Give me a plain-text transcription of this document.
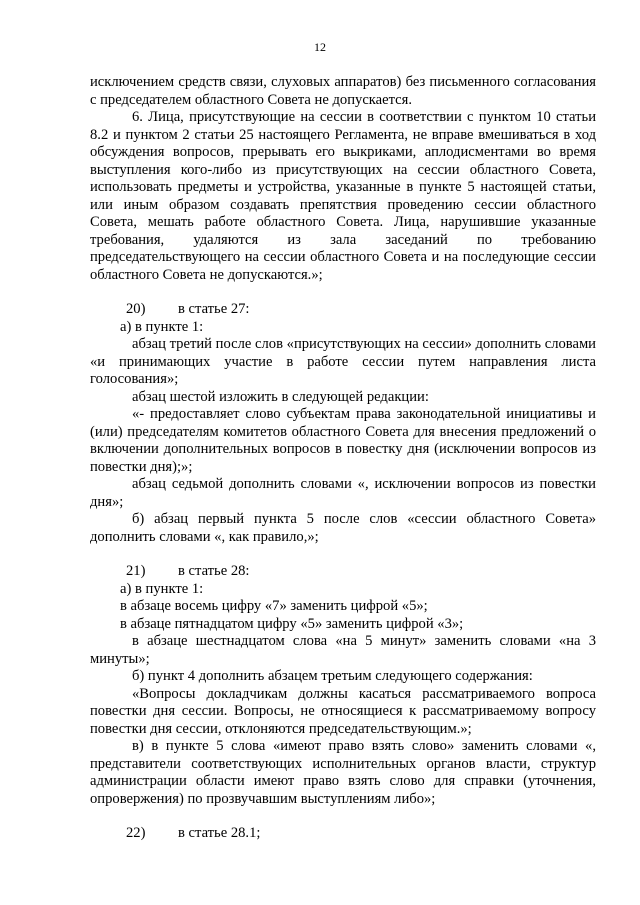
12

исключением средств связи, слуховых аппаратов) без письменного согласования с председателем областного Совета не допускается.

6. Лица, присутствующие на сессии в соответствии с пунктом 10 статьи 8.2 и пунктом 2 статьи 25 настоящего Регламента, не вправе вмешиваться в ход обсуждения вопросов, прерывать его выкриками, аплодисментами во время выступления кого-либо из присутствующих на сессии областного Совета, использовать предметы и устройства, указанные в пункте 5 настоящей статьи, или иным образом создавать препятствия проведению сессии областного Совета, мешать работе областного Совета. Лица, нарушившие указанные требования, удаляются из зала заседаний по требованию председательствующего на сессии областного Совета и на последующие сессии областного Совета не допускаются.»;

20) в статье 27:

а) в пункте 1:

абзац третий после слов «присутствующих на сессии» дополнить словами «и принимающих участие в работе сессии путем направления листа голосования»;

абзац шестой изложить в следующей редакции:

«- предоставляет слово субъектам права законодательной инициативы и (или) председателям комитетов областного Совета для внесения предложений о включении дополнительных вопросов в повестку дня (исключении вопросов из повестки дня);»;

абзац седьмой дополнить словами «, исключении вопросов из повестки дня»;

б) абзац первый пункта 5 после слов «сессии областного Совета» дополнить словами «, как правило,»;

21) в статье 28:

а) в пункте 1:

в абзаце восемь цифру «7» заменить цифрой «5»;

в абзаце пятнадцатом цифру «5» заменить цифрой «3»;

в абзаце шестнадцатом слова «на 5 минут» заменить словами «на 3 минуты»;

б) пункт 4 дополнить абзацем третьим следующего содержания:

«Вопросы докладчикам должны касаться рассматриваемого вопроса повестки дня сессии. Вопросы, не относящиеся к рассматриваемому вопросу повестки дня сессии, отклоняются председательствующим.»;

в) в пункте 5 слова «имеют право взять слово» заменить словами «, представители соответствующих исполнительных органов власти, структур администрации области имеют право взять слово для справки (уточнения, опровержения) по прозвучавшим выступлениям либо»;

22) в статье 28.1;
